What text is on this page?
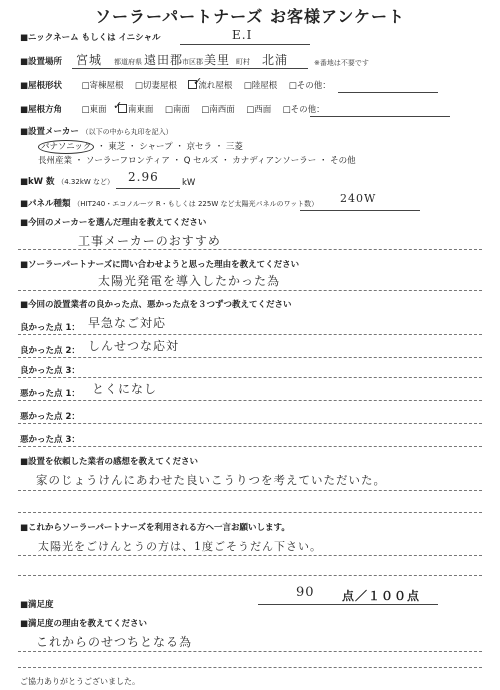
ソーラーパートナーズ お客様アンケート
■ニックネーム もしくは イニシャル	E.I
■設置場所 宮城 都道府県 遠田郡
市区郡 美里 町村 北浦	※番地は不要です
■屋根形状 □寄棟屋根 □切妻屋根	流れ屋根 □陸屋根 □その他：
✓
■屋根方角 □東面	南東面 □南面 □南西面 □西面 □その他：
✓
■設置メーカー （以下の中から丸印を記入）
パナソニック ・ 東芝 ・ シャープ ・ 京セラ ・ 三菱
長州産業 ・ ソーラーフロンティア ・ Q セルズ ・ カナディアンソーラー ・ その他
■kW 数 （4.32kW など） 2.96	kW
■パネル種類 （HIT240・エコノルーツ R・もしくは 225W など太陽光パネルのワット数） 240W
■今回のメーカーを選んだ理由を教えてください
工事メーカーのおすすめ
■ソーラーパートナーズに問い合わせようと思った理由を教えてください
太陽光発電を導入したかった為
■今回の設置業者の良かった点、悪かった点を３つずつ教えてください
良かった点 1： 早急なご対応
良かった点 2： しんせつな応対
良かった点 3：
悪かった点 1： とくになし
悪かった点 2：
悪かった点 3：
■設置を依頼した業者の感想を教えてください
家のじょうけんにあわせた良いこうりつを考えていただいた。
■これからソーラーパートナーズを利用される方へ一言お願いします。
太陽光をごけんとうの方は、1度ごそうだん下さい。
■満足度
90 点／１００点
■満足度の理由を教えてください
これからのせつちとなる為
ご協力ありがとうございました。
